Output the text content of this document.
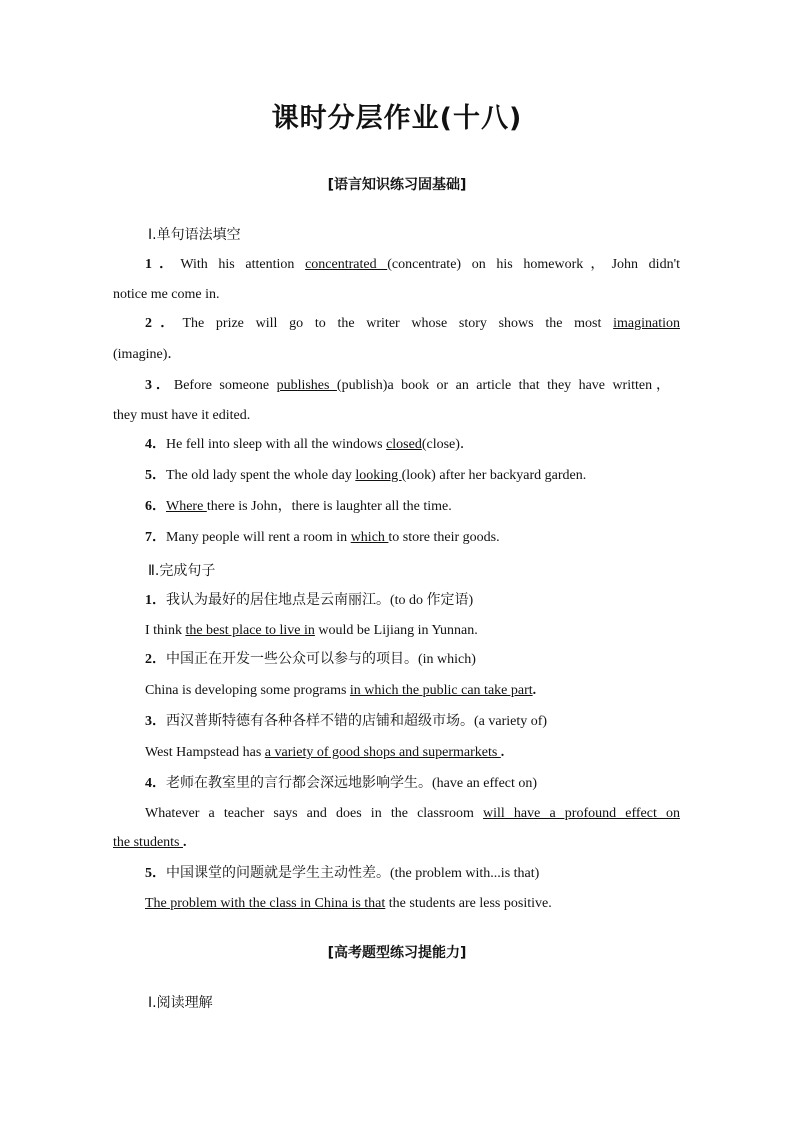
课时分层作业(十八)
[语言知识练习固基础]
Ⅰ.单句语法填空
1．With his attention concentrated (concentrate) on his homework，John didn't
notice me come in.
2．The prize will go to the writer whose story shows the most imagination
(imagine)．
3．Before someone publishes (publish)a book or an article that they have written，
they must have it edited.
4．He fell into sleep with all the windows closed(close)．
5．The old lady spent the whole day looking (look) after her backyard garden.
6．Where there is John，there is laughter all the time.
7．Many people will rent a room in which to store their goods.
Ⅱ.完成句子
1．我认为最好的居住地点是云南丽江。(to do 作定语)
I think the best place to live in would be Lijiang in Yunnan.
2．中国正在开发一些公众可以参与的项目。(in which)
China is developing some programs in which the public can take part.
3．西汉普斯特德有各种各样不错的店铺和超级市场。(a variety of)
West Hampstead has a variety of good shops and supermarkets .
4．老师在教室里的言行都会深远地影响学生。(have an effect on)
Whatever a teacher says and does in the classroom will have a profound effect on
the students .
5．中国课堂的问题就是学生主动性差。(the problem with...is that)
The problem with the class in China is that the students are less positive.
[高考题型练习提能力]
Ⅰ.阅读理解
